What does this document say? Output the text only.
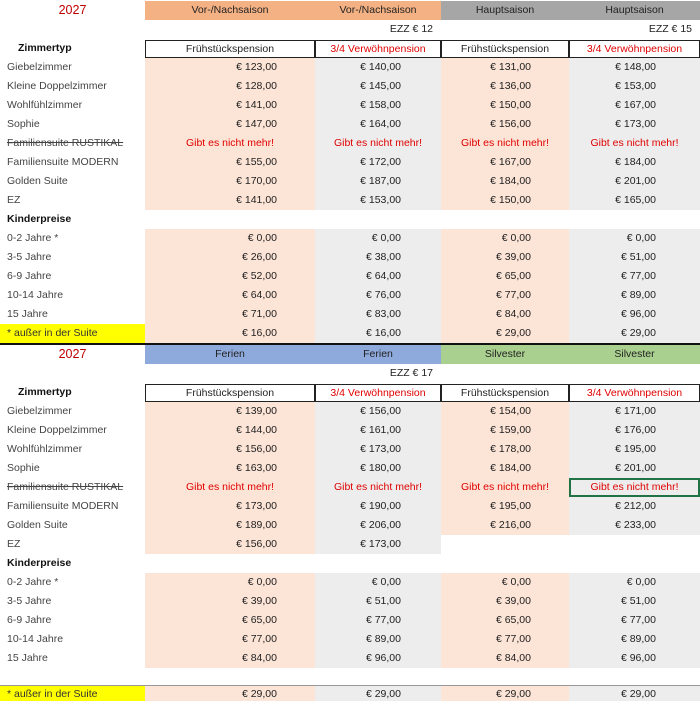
2027	Vor-/Nachsaison	Vor-/Nachsaison	Hauptsaison	Hauptsaison
EZZ € 12	EZZ € 15
Zimmertyp	Frühstückspension	3/4 Verwöhnpension	Frühstückspension	3/4 Verwöhnpension
Giebelzimmer	€ 123,00	€ 140,00	€ 131,00	€ 148,00
Kleine Doppelzimmer	€ 128,00	€ 145,00	€ 136,00	€ 153,00
Wohlfühlzimmer	€ 141,00	€ 158,00	€ 150,00	€ 167,00
Sophie	€ 147,00	€ 164,00	€ 156,00	€ 173,00
Familiensuite RUSTIKAL	Gibt es nicht mehr!	Gibt es nicht mehr!	Gibt es nicht mehr!	Gibt es nicht mehr!
Familiensuite MODERN	€ 155,00	€ 172,00	€ 167,00	€ 184,00
Golden Suite	€ 170,00	€ 187,00	€ 184,00	€ 201,00
EZ	€ 141,00	€ 153,00	€ 150,00	€ 165,00
Kinderpreise
0-2 Jahre *	€ 0,00	€ 0,00	€ 0,00	€ 0,00
3-5 Jahre	€ 26,00	€ 38,00	€ 39,00	€ 51,00
6-9 Jahre	€ 52,00	€ 64,00	€ 65,00	€ 77,00
10-14 Jahre	€ 64,00	€ 76,00	€ 77,00	€ 89,00
15 Jahre	€ 71,00	€ 83,00	€ 84,00	€ 96,00
* außer in der Suite	€ 16,00	€ 16,00	€ 29,00	€ 29,00
2027	Ferien	Ferien	Silvester	Silvester
EZZ € 17
Zimmertyp	Frühstückspension	3/4 Verwöhnpension	Frühstückspension	3/4 Verwöhnpension
Giebelzimmer	€ 139,00	€ 156,00	€ 154,00	€ 171,00
Kleine Doppelzimmer	€ 144,00	€ 161,00	€ 159,00	€ 176,00
Wohlfühlzimmer	€ 156,00	€ 173,00	€ 178,00	€ 195,00
Sophie	€ 163,00	€ 180,00	€ 184,00	€ 201,00
Familiensuite RUSTIKAL	Gibt es nicht mehr!	Gibt es nicht mehr!	Gibt es nicht mehr!	Gibt es nicht mehr!
Familiensuite MODERN	€ 173,00	€ 190,00	€ 195,00	€ 212,00
Golden Suite	€ 189,00	€ 206,00	€ 216,00	€ 233,00
EZ	€ 156,00	€ 173,00
Kinderpreise
0-2 Jahre *	€ 0,00	€ 0,00	€ 0,00	€ 0,00
3-5 Jahre	€ 39,00	€ 51,00	€ 39,00	€ 51,00
6-9 Jahre	€ 65,00	€ 77,00	€ 65,00	€ 77,00
10-14 Jahre	€ 77,00	€ 89,00	€ 77,00	€ 89,00
15 Jahre	€ 84,00	€ 96,00	€ 84,00	€ 96,00
* außer in der Suite	€ 29,00	€ 29,00	€ 29,00	€ 29,00
